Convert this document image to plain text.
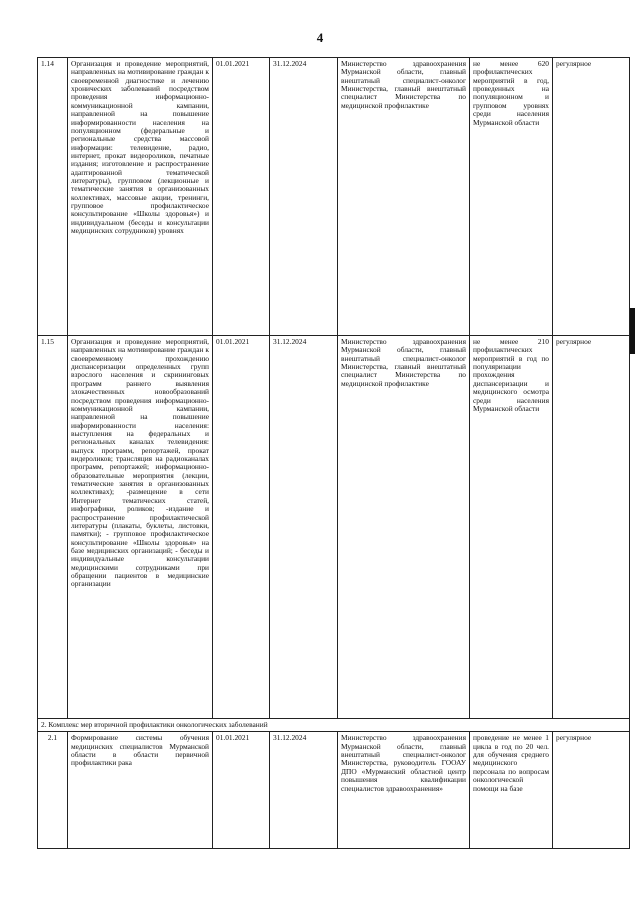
4
1.14	Организация и проведение мероприятий, направленных на мотивирование граждан к своевременной диагностике и лечению хронических заболеваний посредством проведения информационно-коммуникационной кампании, направленной на повышение информированности населения на популяционном (федеральные и региональные средства массовой информации: телевидение, радио, интернет, прокат видеороликов, печатные издания; изготовление и распространение адаптированной тематической литературы), групповом (лекционные и тематические занятия в организованных коллективах, массовые акции, тренинги, групповое профилактическое консультирование «Школы здоровья») и индивидуальном (беседы и консультации медицинских сотрудников) уровнях	01.01.2021	31.12.2024	Министерство здравоохранения Мурманской области, главный внештатный специалист-онколог Министерства, главный внештатный специалист Министерства по медицинской профилактике	не менее 620 профилактических мероприятий в год, проведенных на популяционном и групповом уровнях среди населения Мурманской области	регулярное
1.15	Организация и проведение мероприятий, направленных на мотивирование граждан к своевременному прохождению диспансеризации определенных групп взрослого населения и скрининговых программ раннего выявления злокачественных новообразований посредством проведения информационно-коммуникационной кампании, направленной на повышение информированности населения: выступления на федеральных и региональных каналах телевидения: выпуск программ, репортажей, прокат видероликов; трансляция на радиоканалах программ, репортажей; информационно-образовательные мероприятия (лекции, тематические занятия в организованных коллективах); -размещение в сети Интернет тематических статей, инфографики, роликов; -издание и распространение профилактической литературы (плакаты, буклеты, листовки, памятки); - групповое профилактическое консультирование «Школы здоровья» на базе медицинских организаций; - беседы и индивидуальные консультации медицинскими сотрудниками при обращении пациентов в медицинские организации	01.01.2021	31.12.2024	Министерство здравоохранения Мурманской области, главный внештатный специалист-онколог Министерства, главный внештатный специалист Министерства по медицинской профилактике	не менее 210 профилактических мероприятий в год по популяризации прохождения диспансеризации и медицинского осмотра среди населения Мурманской области	регулярное
2. Комплекс мер вторичной профилактики онкологических заболеваний						
2.1	Формирование системы обучения медицинских специалистов Мурманской области в области первичной профилактики рака	01.01.2021	31.12.2024	Министерство здравоохранения Мурманской области, главный внештатный специалист-онколог Министерства, руководитель ГООАУ ДПО «Мурманский областной центр повышения квалификации специалистов здравоохранения»	проведение не менее 1 цикла в год по 20 чел. для обучения среднего медицинского персонала по вопросам онкологической помощи на базе	регулярное
